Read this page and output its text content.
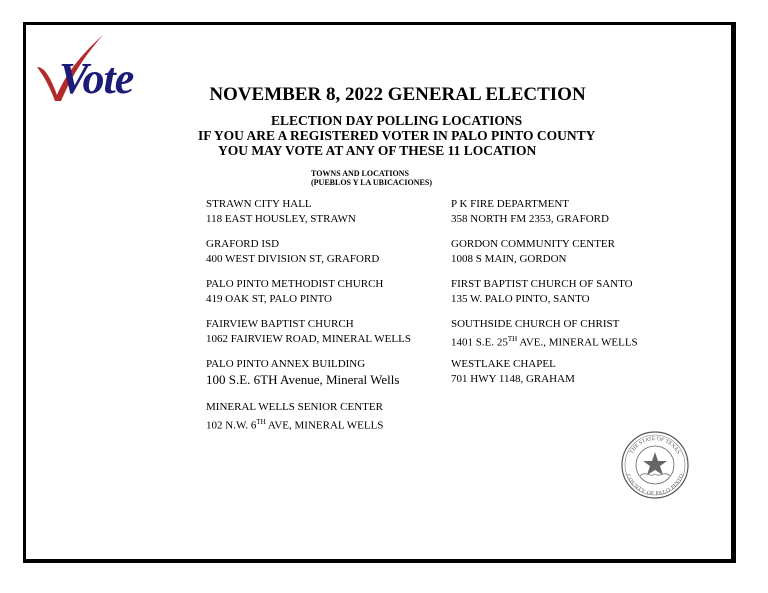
Vote	NOVEMBER 8, 2022 GENERAL ELECTION
ELECTION DAY POLLING LOCATIONS
IF YOU ARE A REGISTERED VOTER IN PALO PINTO COUNTY
YOU MAY VOTE AT ANY OF THESE 11 LOCATION
TOWNS AND LOCATIONS
(PUEBLOS Y LA UBICACIONES)
STRAWN CITY HALL
118 EAST HOUSLEY, STRAWN
GRAFORD ISD
400 WEST DIVISION ST, GRAFORD
PALO PINTO METHODIST CHURCH
419 OAK ST, PALO PINTO
FAIRVIEW BAPTIST CHURCH
1062 FAIRVIEW ROAD, MINERAL WELLS
PALO PINTO ANNEX BUILDING
100 S.E. 6TH Avenue, Mineral Wells
MINERAL WELLS SENIOR CENTER
102 N.W. 6TH AVE, MINERAL WELLS
P K FIRE DEPARTMENT
358 NORTH FM 2353, GRAFORD
GORDON COMMUNITY CENTER
1008 S MAIN, GORDON
FIRST BAPTIST CHURCH OF SANTO
135 W. PALO PINTO, SANTO
SOUTHSIDE CHURCH OF CHRIST
1401 S.E. 25TH AVE., MINERAL WELLS
WESTLAKE CHAPEL
701 HWY 1148, GRAHAM
THE STATE OF TEXAS
COUNTY OF PALO PINTO
